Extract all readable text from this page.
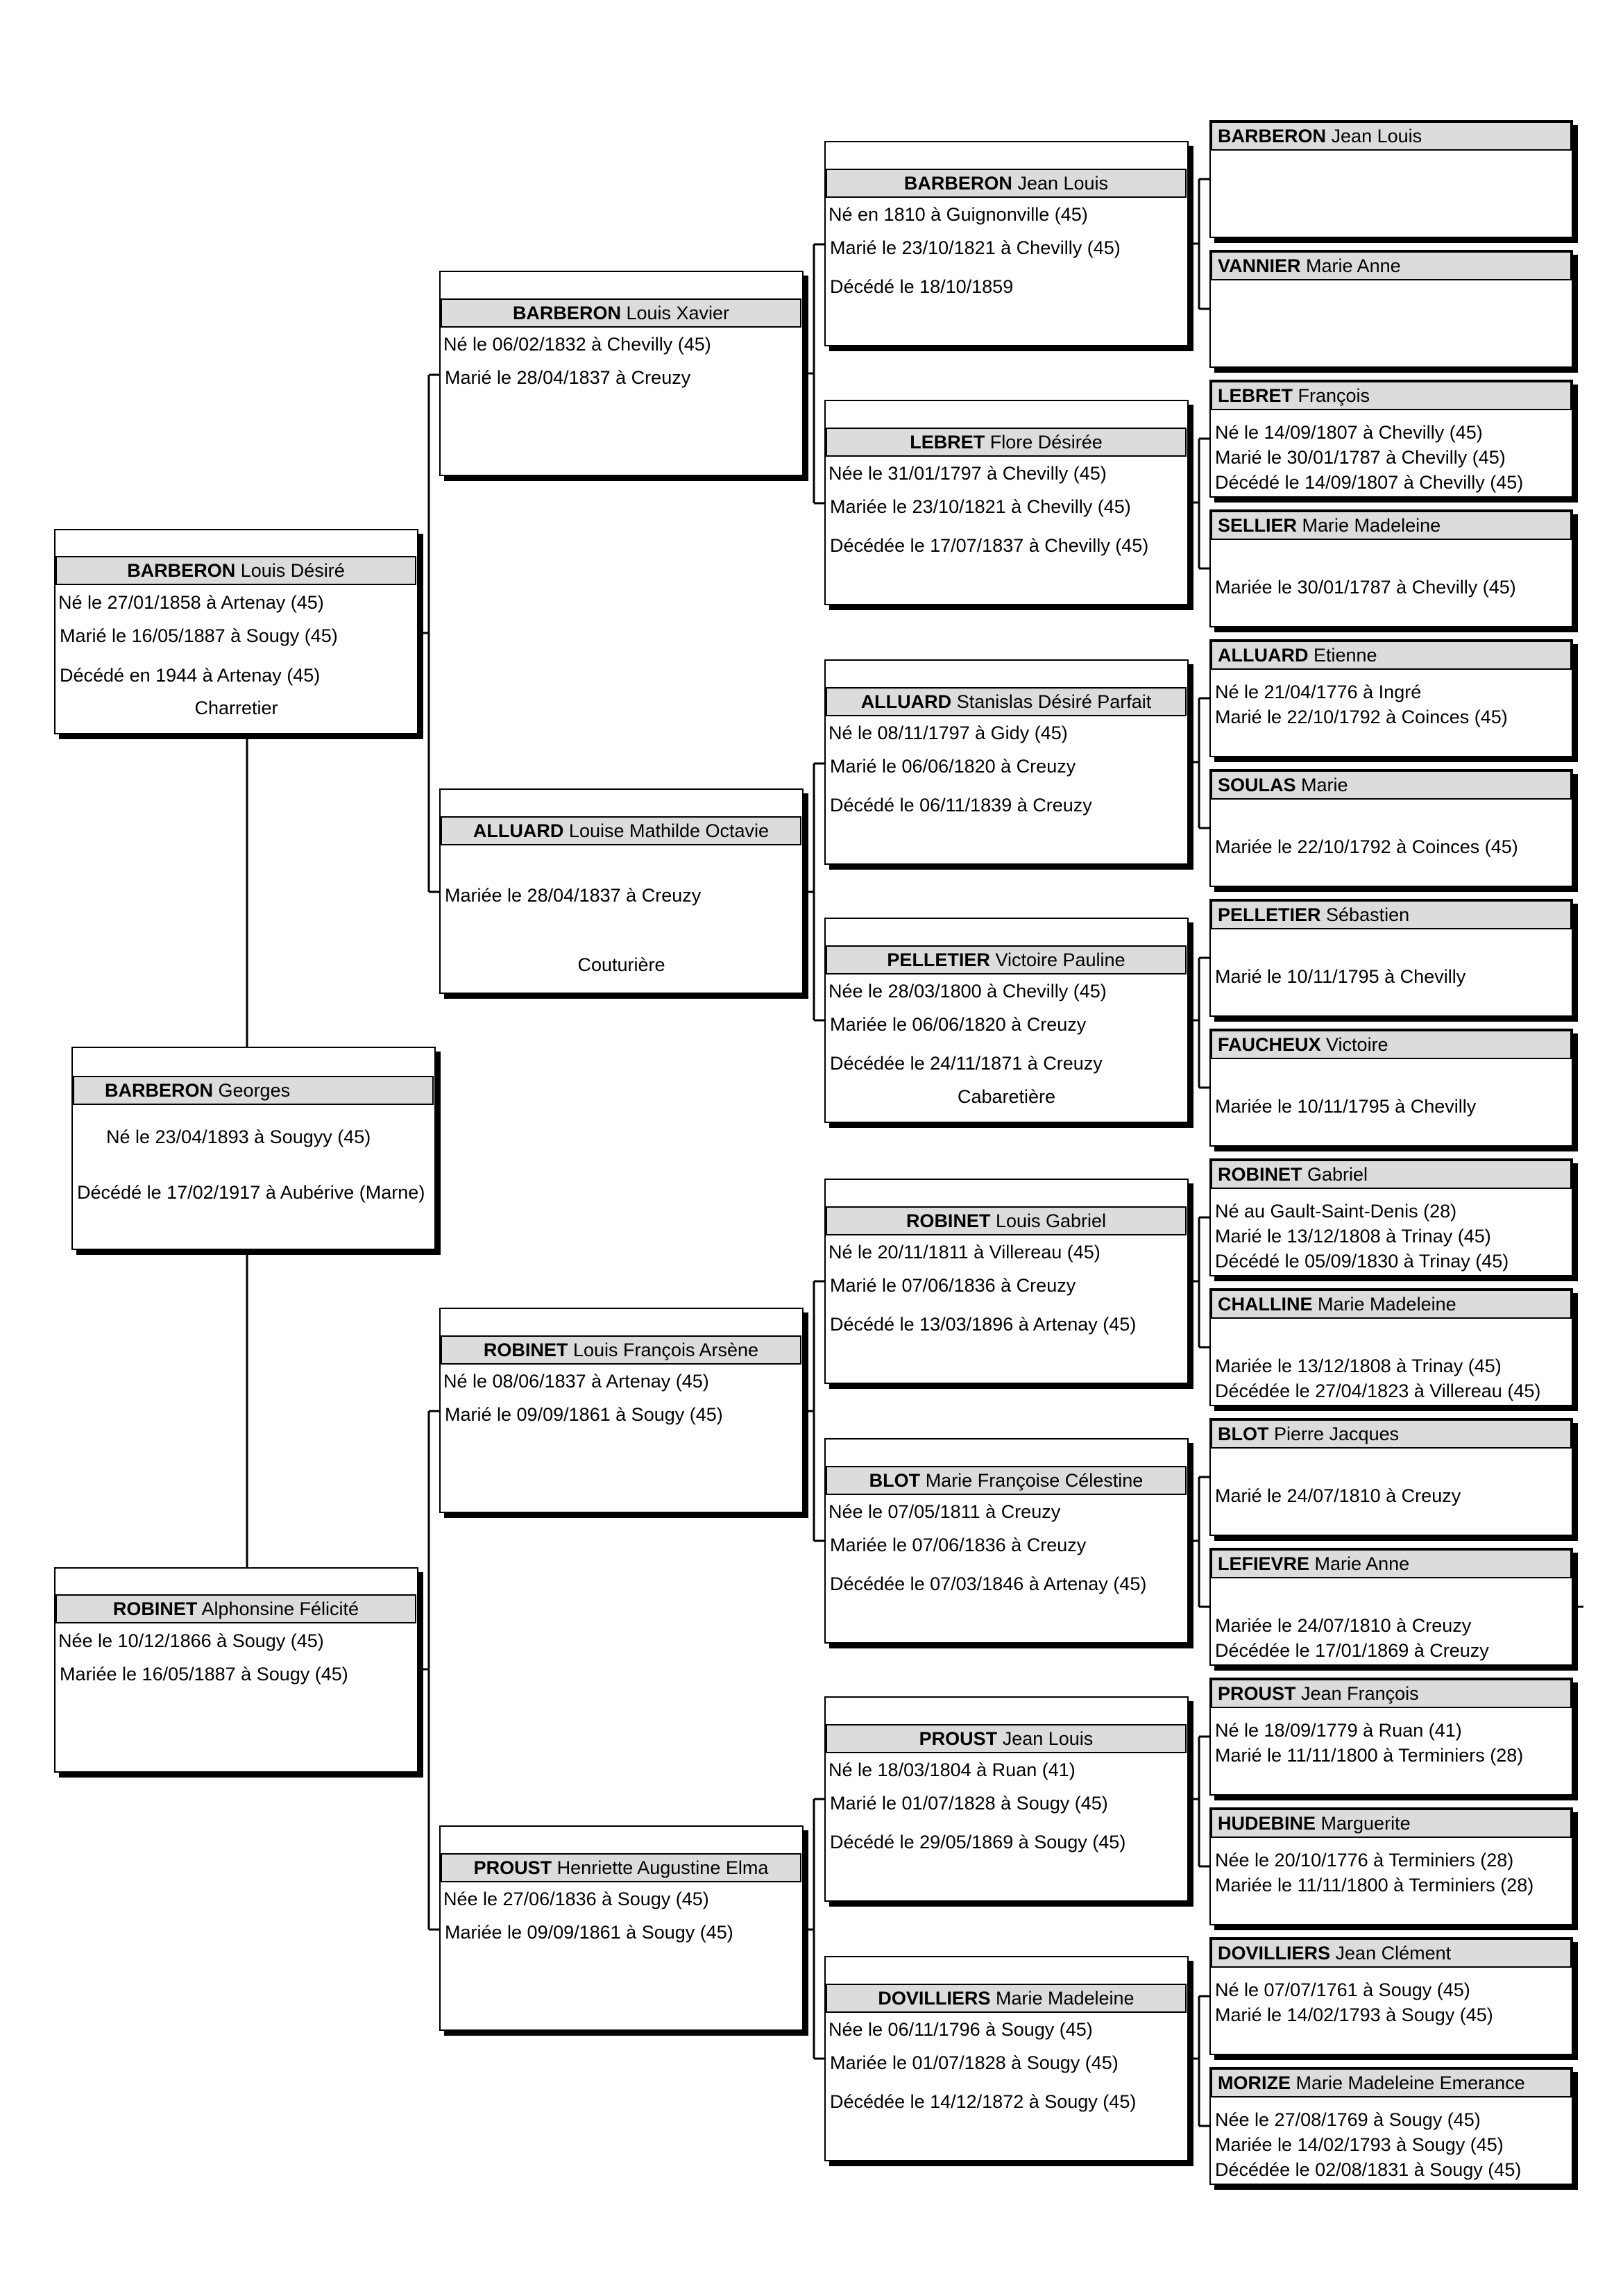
BARBERON Georges
Né le 23/04/1893 à Sougyy (45)
Décédé le 17/02/1917 à Aubérive (Marne)
BARBERON Louis Désiré
Né le 27/01/1858 à Artenay (45)
Marié le 16/05/1887 à Sougy (45)
Décédé en 1944 à Artenay (45)
Charretier
ROBINET Alphonsine Félicité
Née le 10/12/1866 à Sougy (45)
Mariée le 16/05/1887 à Sougy (45)
BARBERON Louis Xavier
Né le 06/02/1832 à Chevilly (45)
Marié le 28/04/1837 à Creuzy
ALLUARD Louise Mathilde Octavie
Mariée le 28/04/1837 à Creuzy
Couturière
ROBINET Louis François Arsène
Né le 08/06/1837 à Artenay (45)
Marié le 09/09/1861 à Sougy (45)
PROUST Henriette Augustine Elma
Née le 27/06/1836 à Sougy (45)
Mariée le 09/09/1861 à Sougy (45)
BARBERON Jean Louis
Né en 1810 à Guignonville (45)
Marié le 23/10/1821 à Chevilly (45)
Décédé le 18/10/1859
LEBRET Flore Désirée
Née le 31/01/1797 à Chevilly (45)
Mariée le 23/10/1821 à Chevilly (45)
Décédée le 17/07/1837 à Chevilly (45)
ALLUARD Stanislas Désiré Parfait
Né le 08/11/1797 à Gidy (45)
Marié le 06/06/1820 à Creuzy
Décédé le 06/11/1839 à Creuzy
PELLETIER Victoire Pauline
Née le 28/03/1800 à Chevilly (45)
Mariée le 06/06/1820 à Creuzy
Décédée le 24/11/1871 à Creuzy
Cabaretière
ROBINET Louis Gabriel
Né le 20/11/1811 à Villereau (45)
Marié le 07/06/1836 à Creuzy
Décédé le 13/03/1896 à Artenay (45)
BLOT Marie Françoise Célestine
Née le 07/05/1811 à Creuzy
Mariée le 07/06/1836 à Creuzy
Décédée le 07/03/1846 à Artenay (45)
PROUST Jean Louis
Né le 18/03/1804 à Ruan (41)
Marié le 01/07/1828 à Sougy (45)
Décédé le 29/05/1869 à Sougy (45)
DOVILLIERS Marie Madeleine
Née le 06/11/1796 à Sougy (45)
Mariée le 01/07/1828 à Sougy (45)
Décédée le 14/12/1872 à Sougy (45)
BARBERON Jean Louis
VANNIER Marie Anne
LEBRET François
Né le 14/09/1807 à Chevilly (45)
Marié le 30/01/1787 à Chevilly (45)
Décédé le 14/09/1807 à Chevilly (45)
SELLIER Marie Madeleine
Mariée le 30/01/1787 à Chevilly (45)
ALLUARD Etienne
Né le 21/04/1776 à Ingré
Marié le 22/10/1792 à Coinces (45)
SOULAS Marie
Mariée le 22/10/1792 à Coinces (45)
PELLETIER Sébastien
Marié le 10/11/1795 à Chevilly
FAUCHEUX Victoire
Mariée le 10/11/1795 à Chevilly
ROBINET Gabriel
Né au Gault-Saint-Denis (28)
Marié le 13/12/1808 à Trinay (45)
Décédé le 05/09/1830 à Trinay (45)
CHALLINE Marie Madeleine
Mariée le 13/12/1808 à Trinay (45)
Décédée le 27/04/1823 à Villereau (45)
BLOT Pierre Jacques
Marié le 24/07/1810 à Creuzy
LEFIEVRE Marie Anne
Mariée le 24/07/1810 à Creuzy
Décédée le 17/01/1869 à Creuzy
PROUST Jean François
Né le 18/09/1779 à Ruan (41)
Marié le 11/11/1800 à Terminiers (28)
HUDEBINE Marguerite
Née le 20/10/1776 à Terminiers (28)
Mariée le 11/11/1800 à Terminiers (28)
DOVILLIERS Jean Clément
Né le 07/07/1761 à Sougy (45)
Marié le 14/02/1793 à Sougy (45)
MORIZE Marie Madeleine Emerance
Née le 27/08/1769 à Sougy (45)
Mariée le 14/02/1793 à Sougy (45)
Décédée le 02/08/1831 à Sougy (45)
